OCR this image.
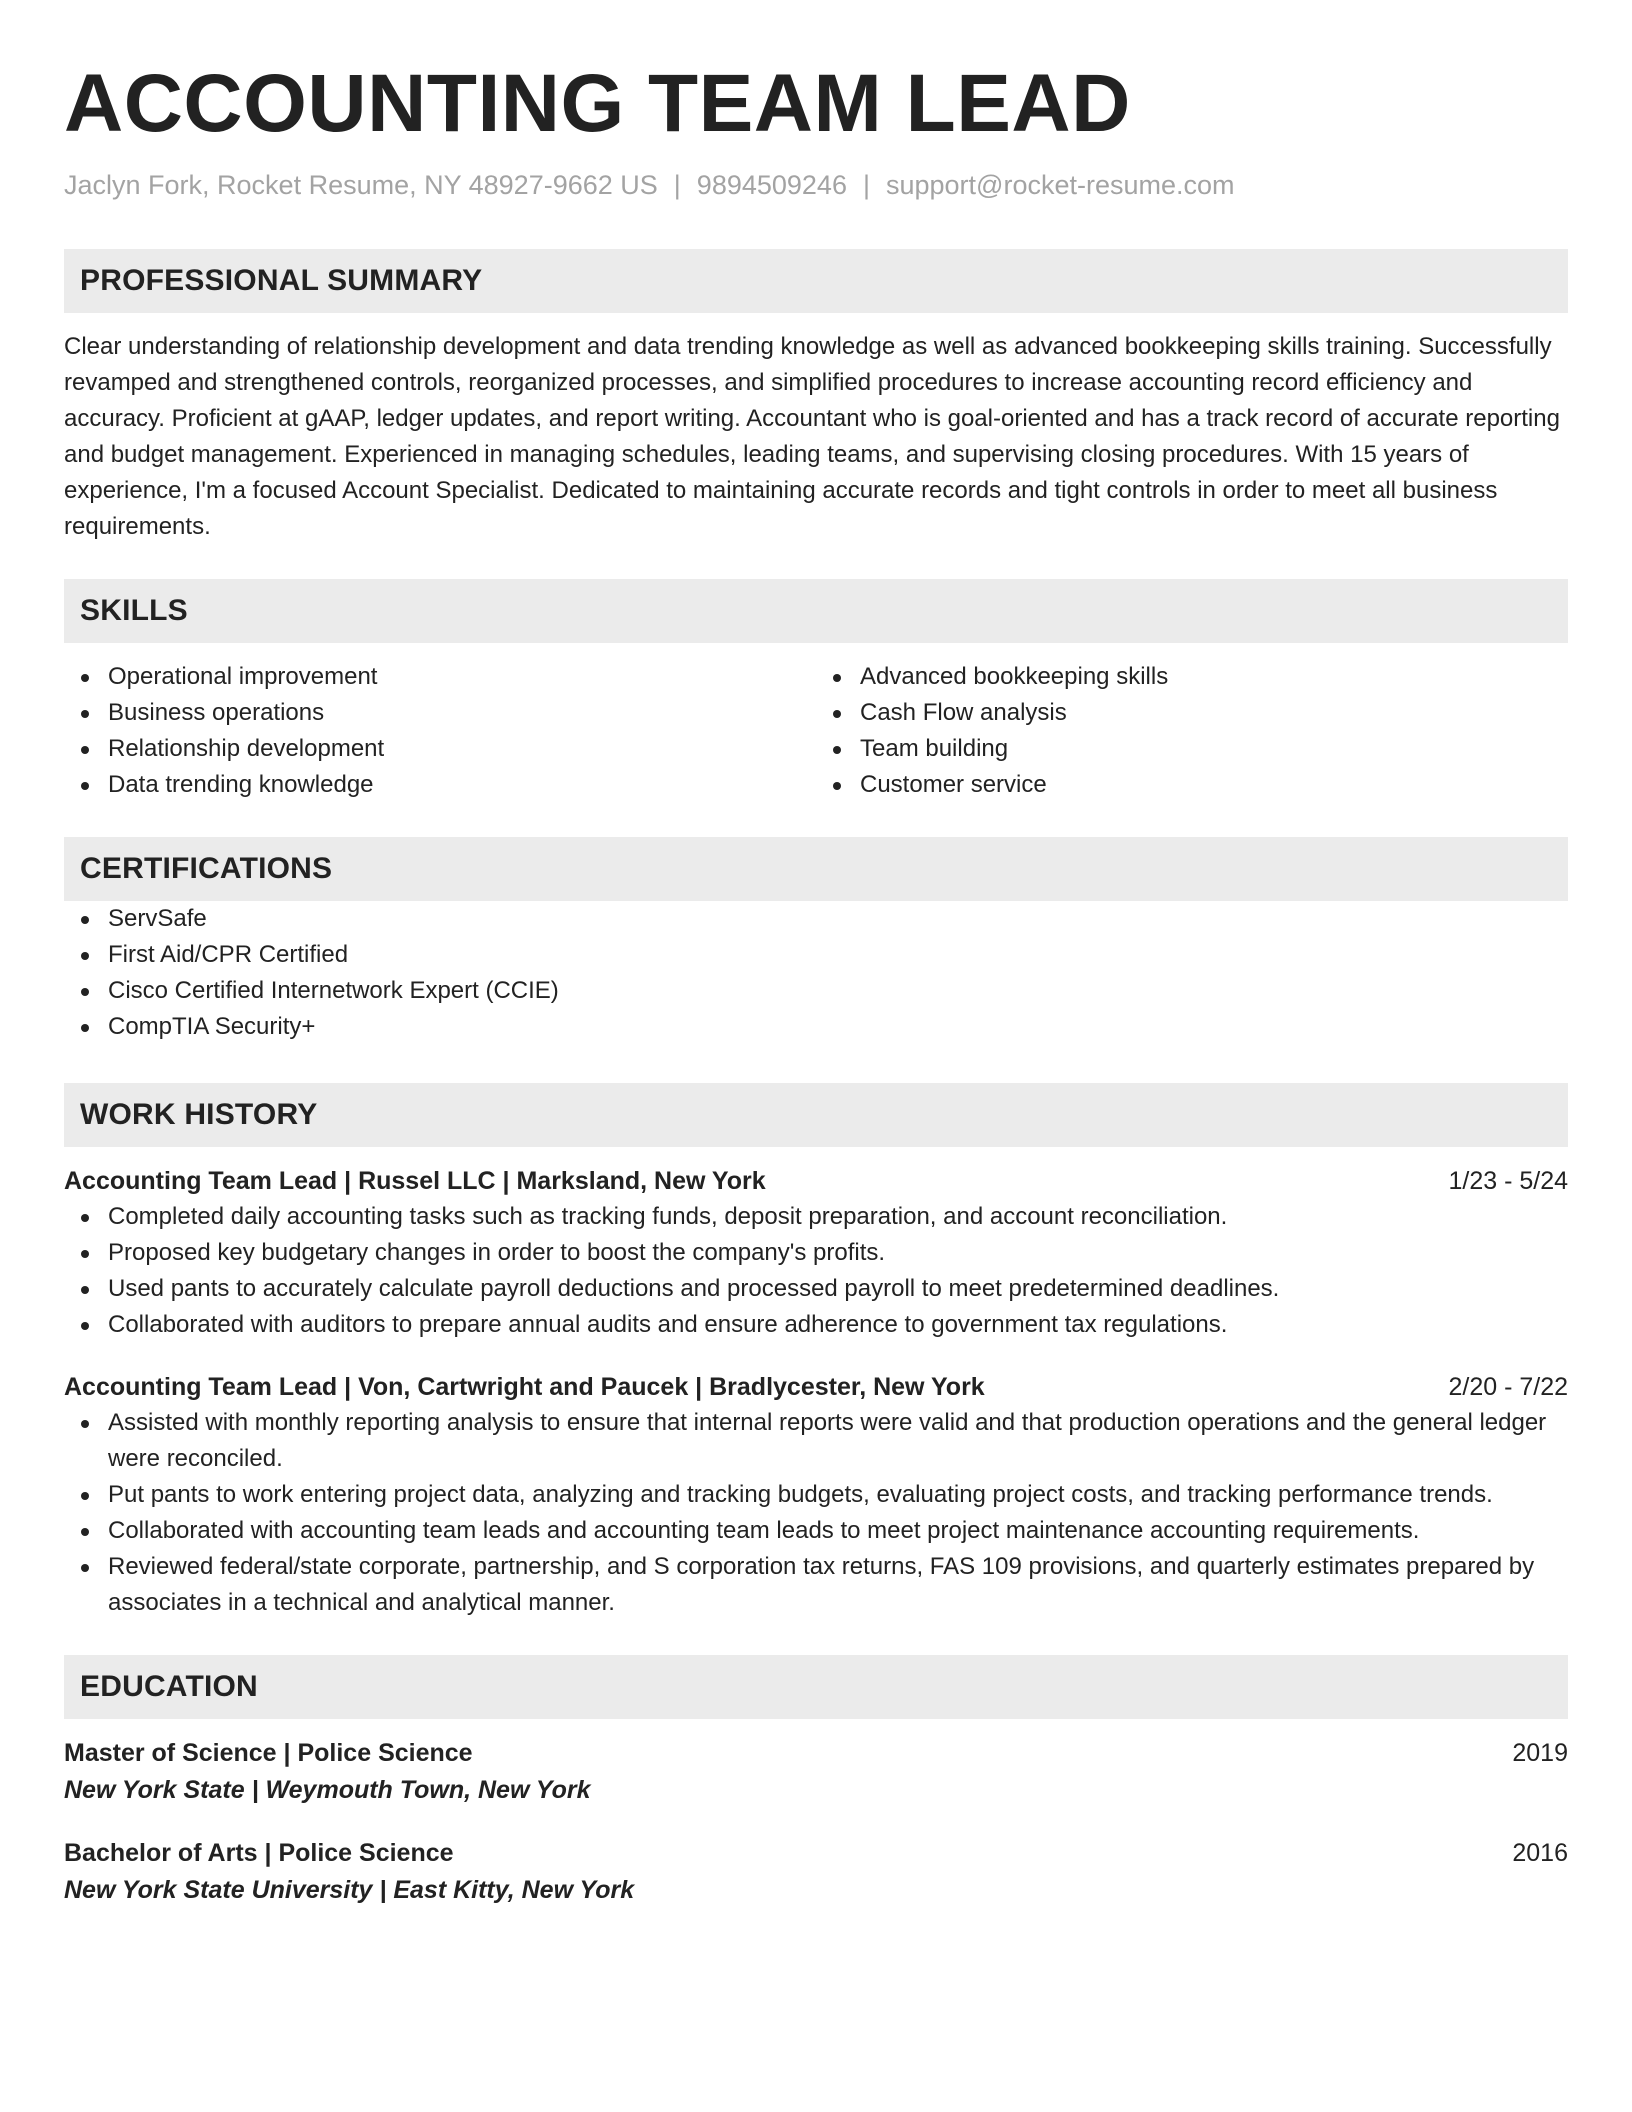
ACCOUNTING TEAM LEAD
Jaclyn Fork, Rocket Resume, NY 48927-9662 US | 9894509246 | support@rocket-resume.com
PROFESSIONAL SUMMARY

Clear understanding of relationship development and data trending knowledge as well as advanced bookkeeping skills training. Successfully revamped and strengthened controls, reorganized processes, and simplified procedures to increase accounting record efficiency and accuracy. Proficient at gAAP, ledger updates, and report writing. Accountant who is goal-oriented and has a track record of accurate reporting and budget management. Experienced in managing schedules, leading teams, and supervising closing procedures. With 15 years of experience, I'm a focused Account Specialist. Dedicated to maintaining accurate records and tight controls in order to meet all business requirements.

SKILLS
Operational improvement
Business operations
Relationship development
Data trending knowledge
Advanced bookkeeping skills
Cash Flow analysis
Team building
Customer service
CERTIFICATIONS
ServSafe
First Aid/CPR Certified
Cisco Certified Internetwork Expert (CCIE)
CompTIA Security+
WORK HISTORY
Accounting Team Lead | Russel LLC | Marksland, New York	1/23 - 5/24
Completed daily accounting tasks such as tracking funds, deposit preparation, and account reconciliation.
Proposed key budgetary changes in order to boost the company's profits.
Used pants to accurately calculate payroll deductions and processed payroll to meet predetermined deadlines.
Collaborated with auditors to prepare annual audits and ensure adherence to government tax regulations.
Accounting Team Lead | Von, Cartwright and Paucek | Bradlycester, New York	2/20 - 7/22
Assisted with monthly reporting analysis to ensure that internal reports were valid and that production operations and the general ledger were reconciled.
Put pants to work entering project data, analyzing and tracking budgets, evaluating project costs, and tracking performance trends.
Collaborated with accounting team leads and accounting team leads to meet project maintenance accounting requirements.
Reviewed federal/state corporate, partnership, and S corporation tax returns, FAS 109 provisions, and quarterly estimates prepared by associates in a technical and analytical manner.
EDUCATION
Master of Science | Police Science	2019
New York State | Weymouth Town, New York
Bachelor of Arts | Police Science	2016
New York State University | East Kitty, New York
